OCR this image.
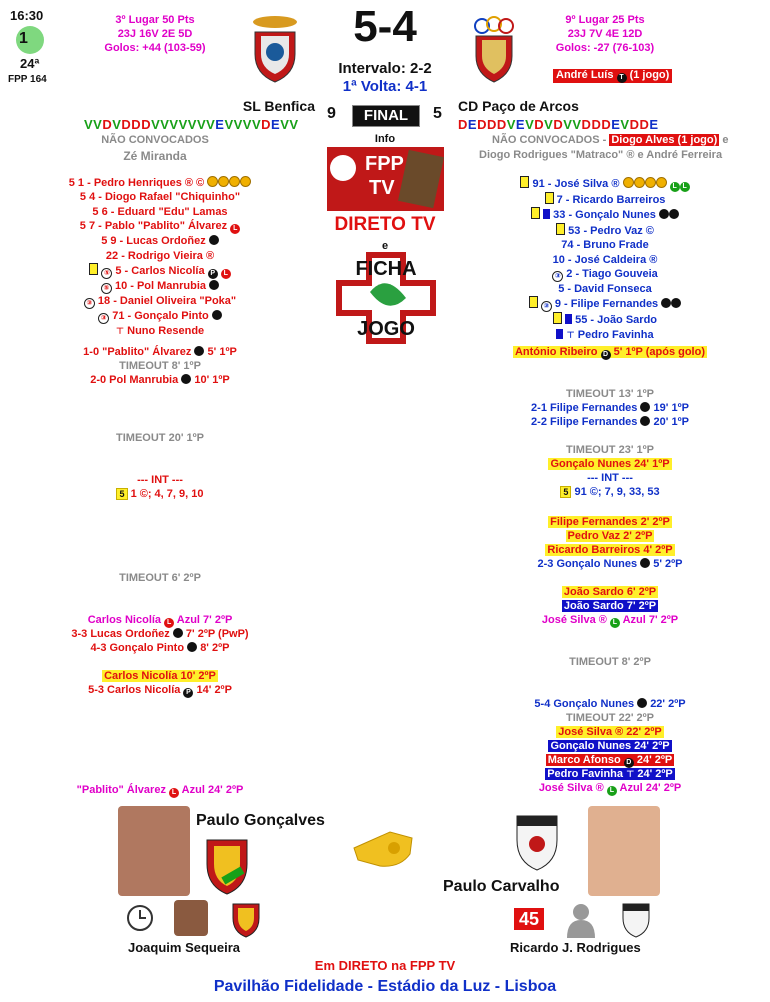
16:30
1
24ª
FPP 164
3º Lugar 50 Pts
23J 16V 2E 5D
Golos: +44 (103-59)	5-4
Intervalo: 2-2
1ª Volta: 4-1
9º Lugar 25 Pts
23J 7V 4E 12D
Golos: -27 (76-103)
André Luís T (1 jogo)
SL Benfica 9	FINAL	5 CD Paço de Arcos
VVDVDDDVVVVVVVEVVVVDEVV	DEDDDVEVDVDVVDDDEVDDE
NÃO CONVOCADOS
Zé Miranda
NÃO CONVOCADOS - Diogo Alves (1 jogo) e
Diogo Rodrigues "Matraco" ® e André Ferreira
Info
FPP
TV
DIRETO TV
e
FICHA
JOGO
5 1 - Pedro Henriques ® ©
5 4 - Diogo Rafael "Chiquinho"
5 6 - Eduard "Edu" Lamas
5 7 - Pablo "Pablito" Álvarez L
5 9 - Lucas Ordoñez
22 - Rodrigo Vieira ®
⑤ 5 - Carlos Nicolía P L
⑤ 10 - Pol Manrubia
③ 18 - Daniel Oliveira "Poka"
③ 71 - Gonçalo Pinto
⊤ Nuno Resende
91 - José Silva ®	L L
7 - Ricardo Barreiros
33 - Gonçalo Nunes
53 - Pedro Vaz ©
74 - Bruno Frade
10 - José Caldeira ®
③ 2 - Tiago Gouveia
5 - David Fonseca
③ 9 - Filipe Fernandes
55 - João Sardo
⊤ Pedro Favinha
1-0 "Pablito" Álvarez 5' 1ºP
TIMEOUT 8' 1ºP
2-0 Pol Manrubia 10' 1ºP
TIMEOUT 20' 1ºP
--- INT ---
5 1 ©; 4, 7, 9, 10
TIMEOUT 6' 2ºP
Carlos Nicolía L Azul 7' 2ºP
3-3 Lucas Ordoñez 7' 2ºP (PwP)
4-3 Gonçalo Pinto 8' 2ºP
Carlos Nicolía 10' 2ºP
5-3 Carlos Nicolía P 14' 2ºP
"Pablito" Álvarez L Azul 24' 2ºP
António Ribeiro D 5' 1ºP (após golo)
TIMEOUT 13' 1ºP
2-1 Filipe Fernandes 19' 1ºP
2-2 Filipe Fernandes 20' 1ºP
TIMEOUT 23' 1ºP
Gonçalo Nunes 24' 1ºP
--- INT ---
5 91 ©; 7, 9, 33, 53
Filipe Fernandes 2' 2ºP
Pedro Vaz 2' 2ºP
Ricardo Barreiros 4' 2ºP
2-3 Gonçalo Nunes 5' 2ºP
João Sardo 6' 2ºP
João Sardo 7' 2ºP
José Silva ® L Azul 7' 2ºP
TIMEOUT 8' 2ºP
5-4 Gonçalo Nunes 22' 2ºP
TIMEOUT 22' 2ºP
José Silva ® 22' 2ºP
Gonçalo Nunes 24' 2ºP
Marco Afonso D 24' 2ºP
Pedro Favinha ⊤ 24' 2ºP
José Silva ® L Azul 24' 2ºP
Paulo Gonçalves
Paulo Carvalho
Joaquim Sequeira
45
Ricardo J. Rodrigues
Em DIRETO na FPP TV
Pavilhão Fidelidade - Estádio da Luz - Lisboa
